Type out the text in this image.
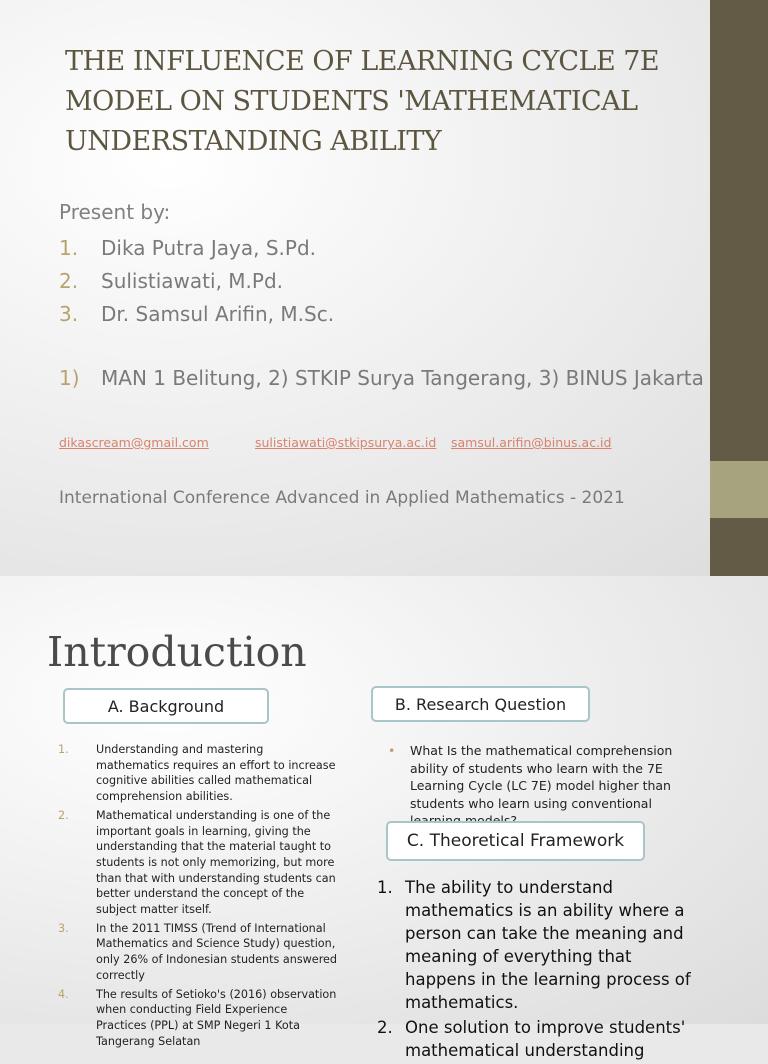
THE INFLUENCE OF LEARNING CYCLE 7E MODEL ON STUDENTS 'MATHEMATICAL UNDERSTANDING ABILITY
Present by:
1.	Dika Putra Jaya, S.Pd.
2.	Sulistiawati, M.Pd.
3.	Dr. Samsul Arifin, M.Sc.
1)	MAN 1 Belitung, 2) STKIP Surya Tangerang, 3) BINUS Jakarta
dikascream@gmail.com	sulistiawati@stkipsurya.ac.id samsul.arifin@binus.ac.id
International Conference Advanced in Applied Mathematics - 2021
Introduction
A. Background	B. Research Question
1.	Understanding and mastering mathematics requires an effort to increase cognitive abilities called mathematical comprehension abilities.
2.	Mathematical understanding is one of the important goals in learning, giving the understanding that the material taught to students is not only memorizing, but more than that with understanding students can better understand the concept of the subject matter itself.
3.	In the 2011 TIMSS (Trend of International Mathematics and Science Study) question, only 26% of Indonesian students answered correctly
4.	The results of Setioko's (2016) observation when conducting Field Experience Practices (PPL) at SMP Negeri 1 Kota Tangerang Selatan
•	What Is the mathematical comprehension ability of students who learn with the 7E Learning Cycle (LC 7E) model higher than students who learn using conventional
C. Theoretical Framework
1. The ability to understand mathematics is an ability where a person can take the meaning and meaning of everything that happens in the learning process of mathematics.
2. One solution to improve students' mathematical understanding
